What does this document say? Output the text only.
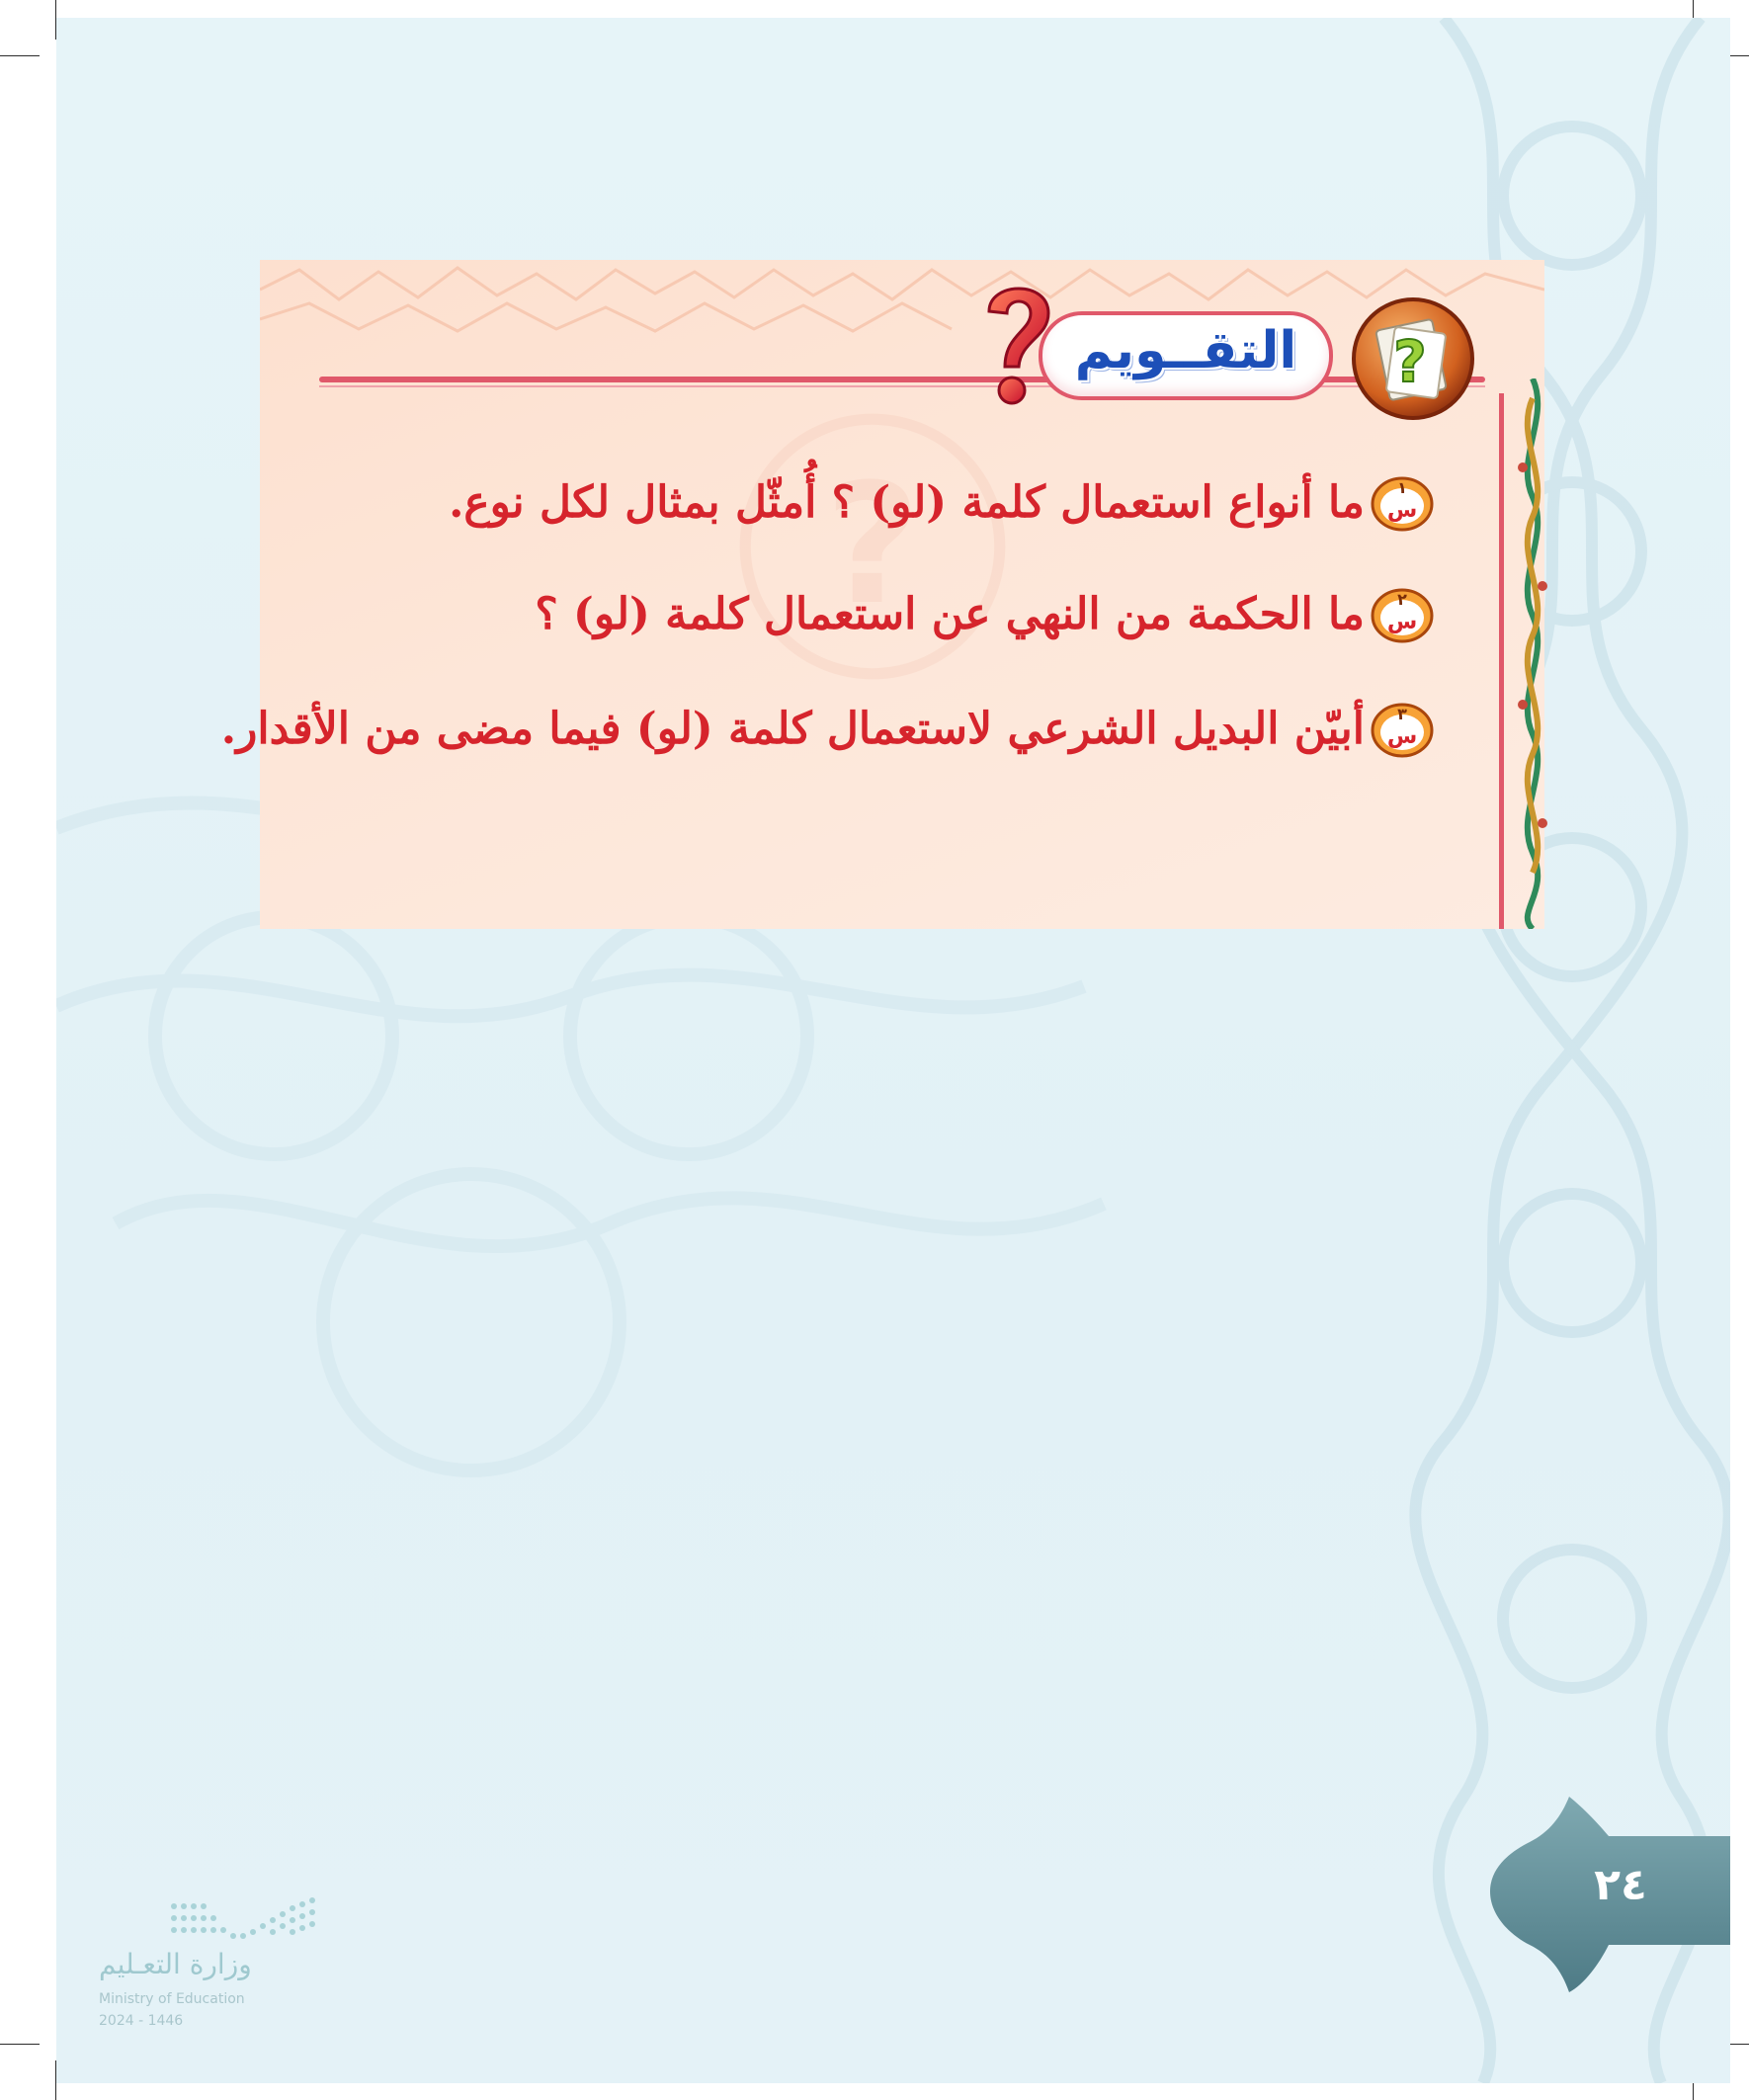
?
التقــويم	?
س
١
ما أنواع استعمال كلمة (لو) ؟ أُمثّل بمثال لكل نوع.
س
٢
ما الحكمة من النهي عن استعمال كلمة (لو) ؟
س
٣
أبيّن البديل الشرعي لاستعمال كلمة (لو) فيما مضى من الأقدار.
٢٤
وزارة التعـليم
Ministry of Education
2024 - 1446
